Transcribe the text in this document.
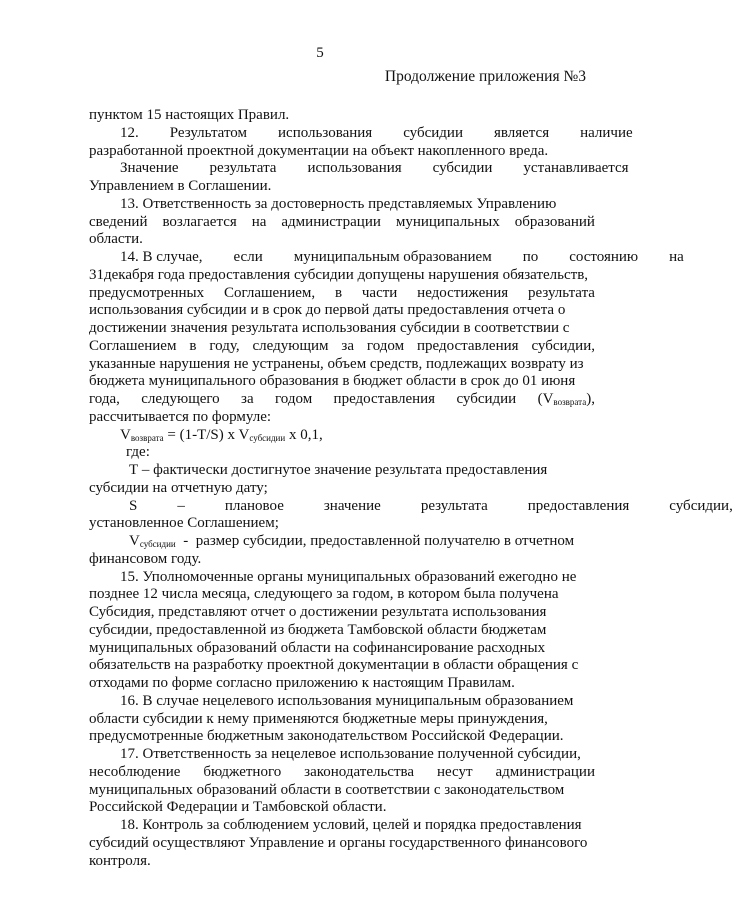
5
Продолжение приложения №3
пунктом 15 настоящих Правил.
12.	Результатом	использования	субсидии	является	наличие
разработанной проектной документации на объект накопленного вреда.
Значение	результата	использования	субсидии	устанавливается
Управлением в Соглашении.
13. Ответственность за достоверность представляемых Управлению
сведений возлагается на администрации муниципальных образований
области.
14. В случае,	если	муниципальным образованием	по	состоянию	на
31декабря года предоставления субсидии допущены нарушения обязательств,
предусмотренных Соглашением, в части недостижения результата
использования субсидии и в срок до первой даты предоставления отчета о
достижении значения результата использования субсидии в соответствии с
Соглашением в году, следующим за годом предоставления субсидии,
указанные нарушения не устранены, объем средств, подлежащих возврату из
бюджета муниципального образования в бюджет области в срок до 01 июня
года, следующего за годом предоставления субсидии $(V_{возврата})$,
рассчитывается по формуле:
$V_{возврата} = (1-T/S)$ x $V_{субсидии}$ x 0,1,
где:
Т – фактически достигнутое значение результата предоставления
субсидии на отчетную дату;
S	–	плановое	значение	результата	предоставления	субсидии,
установленное Соглашением;
$V_{субсидии}$  -  размер субсидии, предоставленной получателю в отчетном
финансовом году.
15. Уполномоченные органы муниципальных образований ежегодно не
позднее 12 числа месяца, следующего за годом, в котором была получена
Субсидия, представляют отчет о достижении результата использования
субсидии, предоставленной из бюджета Тамбовской области бюджетам
муниципальных образований области на софинансирование расходных
обязательств на разработку проектной документации в области обращения с
отходами по форме согласно приложению к настоящим Правилам.
16. В случае нецелевого использования муниципальным образованием
области субсидии к нему применяются бюджетные меры принуждения,
предусмотренные бюджетным законодательством Российской Федерации.
17. Ответственность за нецелевое использование полученной субсидии,
несоблюдение бюджетного законодательства несут администрации
муниципальных образований области в соответствии с законодательством
Российской Федерации и Тамбовской области.
18. Контроль за соблюдением условий, целей и порядка предоставления
субсидий осуществляют Управление и органы государственного финансового
контроля.
